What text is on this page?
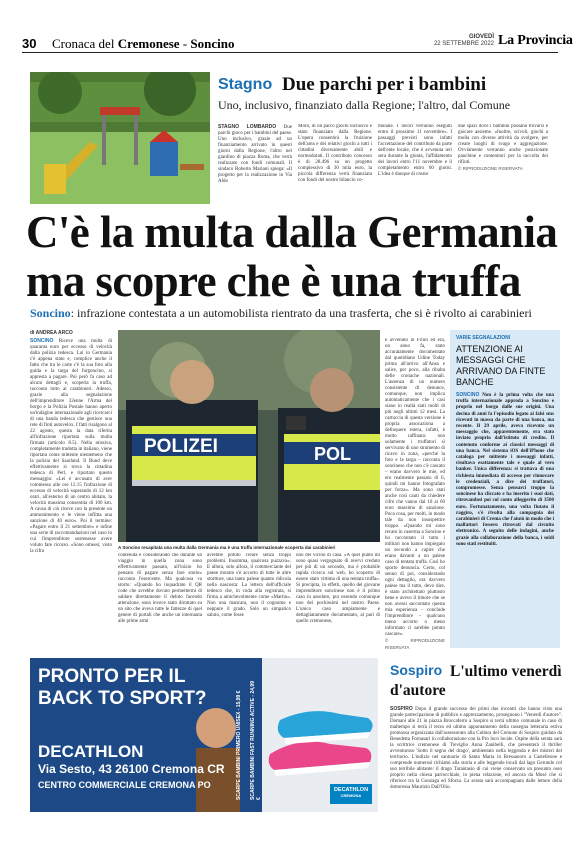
30 Cronaca del Cremonese - Soncino	GIOVEDÌ
22 SETTEMBRE 2022 La Provincia
Stagno Due parchi per i bambini
Uno, inclusivo, finanziato dalla Regione; l'altro, dal Comune
STAGNO LOMBARDO Due parchi gioco per i bambini del paese. Uno inclusivo, grazie ad un finanziamento arrivato in questi giorni dalla Regione, l'altro nel giardino di piazza Roma, che verrà realizzato con fondi comunali. Il sindaco Roberto Mariani spiega: «Il progetto per la realizzazione in Via Aldo
Moro, di un parco giochi inclusivo è stato finanziato dalla Regione. L'opera consentirà la fruizione dell'area e dei relativi giochi a tutti i cittadini diversamente abili e normodotati. Il contributo concesso è di 28.496 su un progetto complessivo di 30 mila euro, la piccola differenza verrà finanziata con fondi del nostro bilancio co-
munale. I lavori verranno eseguiti entro il prossimo 11 novembre». I passaggi previsti sono infatti l'accettazione del contributo da parte dell'ente locale, che è avvenuta ieri sera durante la giunta, l'affidamento dei lavori entro l'11 novembre e il completamento entro 60 giorni. L'idea è dunque di creare
due spazi dove i bambini possano trovarsi e giocare assieme. «Inoltre, scivoli, giochi a molla con diverse attività da svolgere, per creare luoghi di svago e aggregazione. Ovviamente verranno anche posizionate panchine e contenitori per la raccolta dei rifiuti.
© RIPRODUZIONE RISERVATA
C'è la multa dalla Germania
ma scopre che è una truffa
Soncino: infrazione contestata a un automobilista rientrato da una trasferta, che si è rivolto ai carabinieri
di ANDREA ARCO
SONCINO Riceve una multa di quaranta euro per eccesso di velocità dalla polizia tedesca. Lui in Germania c'è appena stato e, complice anche il fatto che tra le carte c'è la sua foto alla guida e la targa del furgoncino, si appresta a pagare. Poi però fa caso ad alcuni dettagli e, scoperta la truffa, racconta tutto ai carabinieri. Adesso, grazie alla segnalazione dell'imprenditore 32enne l'Arma del borgo e la Polizia Postale hanno aperto un'indagine internazionale agli ricercarci di una banda tedesca che gestisce una rete di finti autovelox. I fatti risalgono al 22 agosto, questa la data riferita all'infrazione riportata sulla multa firmata (articolo 8.5). Nella missiva, completamente tradotta in italiano, viene riportata come mittente nientemeno che la polizia del Saarland. Il Bund deve effettivamente si trova la cittadina tedesca di Perl, e riportato questo messaggio: «Lei è accusato di aver commesso alle ore 12.15 l'infrazione di eccesso di velocità superando di 12 km orari, all'esterno di un centro abitato, la velocità massima consentita di 100 km. A causa di ciò riceve con la presente un ammonimento e le viene inflitta una sanzione di 40 euro». Poi il termine: «Pagare entro il 21 settembre» e infine una serie di raccomandazioni nel caso in cui l'imprenditore sostenesse avere voluto fare ricorso. «Sono omessi, visto la cifra
POLIZEI	POL
A Soncino recapitata una multa dalla Germania ma è una truffa internazionale scoperta dai carabinieri
contenuta e considerando che durante un viaggio in quella zona sono effettivamente passato, all'inizio ho pensato di pagare senza fare storie» racconta l'esercente. Ma qualcosa va storto: «Quando ho inquadrato il QR code che avrebbe dovuto permettermi di saldare direttamente il debito facendo attenzione, sono invece stato dirottato su un sito che aveva tutte le fattezze di quel genere di portali che anche un internauta alle prime armi
avrebbe potuto creare senza troppi problemi. Insomma, qualcosa puzzava». E allora, solo allora, il commerciante del paese murato s'è accorto di tutte le altre stortture, una tanto palese quanto ridicola nella nascosta: La lettera dell'ufficiale tedesco che, in coda alla registrata, si firma a amichevolmente come «Martin». Non una mancata, non il cognome e neppure il grado. Solo un simpatico saluto, come fosse
uno dei vicino di casa. «A quel punto mi sono quasi vergognato di avervi creduto per più di un secondo, ma è probabile rapida ricerca sul web, ho scoperto di essere stato vittima di una tentata truffa». Si precipita, in effetti, quello del giovane imprenditore soncinese non è il primo caso in assoluto, pur essendo comunque uno dei pochissimi nel nostro Paese. L'unico caso ampiamente e dettagliatamente documentato, al pari di quello cremonese,
è avvenuto in Friuli ed era, un anno fa, stato accuratamente documentato dal quotidiano Udine Today prima all'arrivo all'Ansa e salire, per poco, alla ribalta delle cronache nazionali. L'assenza di un numero consistente di denunce, comunque, non implica automaticamente che i casi siano in realtà stati molti di più negli ultimi 12 mesi. La cartuccia di questa versione è propria assocaziona a delinquere estera, infatti, è molto raffinata: non solamente i truffatori sì servivano di uno strumento di ricavo in zona, «perché la foto e la targa – racconta il soncinese che non c'è cascato – erano davvero le mie, ed ero realmente passato di lì, quindi mi hanno fotografato per forza». Ma sono stati anche così cauti da chiedere cifre che vanno dal 10 ai 60 euro massimo di sanzione. Poca cosa, per molti, in modo tale da non insospettire troppo. «Quando mi sono recato in caserma a Soncino e ho raccontato il tutto i militari non hanno impiegato un secondo a capire che erano davanti a un palese caso di tentata truffa. Così ho sporto denuncia. Certo, col senno di poi, considerando ogni dettaglio, era davvero palese ma il tutto, devo dire, è stato architettato piuttosto bene e avevo il timore che se non avessi saccontato questa mia esperienza – conclude l'imprenditore – qualcuno meno accorto o meno informato ci sarebbe potuto cascare».
© RIPRODUZIONE RISERVATA
VARIE SEGNALAZIONI
ATTENZIONE AI MESSAGGI CHE ARRIVANO DA FINTE BANCHE
SONCINO Non è la prima volta che una truffa internazionale approda a Soncino e proprio nel borgo dalle sue origini. Una decina di anni fa l'episodio legato ai falsi sms ricevuti in massa da parte di una banca, ma recente. Il 29 aprile, aveva ricevuto un messaggio che, apparentemente, era stato inviato proprio dall'istituto di credito. Il contenuto conforme ai classici messaggi di una banca. Nel sistema iOS dell'iPhone che cataloga per mittente i messaggi infatti, risultava esattamente tale e quale al vero banker. Unica differenza: si trattava di una richiesta immediata di accesso per rinnovare le credenziali, a dire dei truffatori, compromesse. Senza pensarci troppo la soncinese ha cliccato e ha inserito i suoi dati, ritrovandosi poi col conto alleggerito di 3500 euro. Fortunatamente, una volta fiutato il raggiro, s'è rivolta alla compagnia dei carabinieri di Crema che l'aiutò in modo che i malfattori fossero ritrovati dal circuito elettronico. A seguito delle indagini, anche grazie alla collaborazione della banca, i soldi sono stati restituiti.
PRONTO PER IL
BACK TO SPORT?
DECATHLON
Via Sesto, 43 26100 Cremona CR
CENTRO COMMERCIALE CREMONA PO	SCARPE BAMBINI PRIMERO UNISEX - 15,99 €	SCARPE BAMBINI FAST RUNNING ACTIVE - 24,99 €
DECATHLON
CREMONA
L'ultimo venerdì d'autore
Sospiro
SOSPIRO Dopo il grande successo dei primi due incontri che hanno visto una grande partecipazione di pubblico e apprezzamento, proseguono i "Venerdì d'autore". Domani alle 21 in piazza Broccaferro a Sospiro si terrà ultimo comunale in caso di maltempo si terrà il terzo ed ultimo appuntamento della rassegna letteraria estiva promossa organizzata dall'assessorato alla Cultura del Comune di Sospiro guidata da Benedetta Fornasari in collaborazione con la Pro loco locale. Ospite della serata sarà la scrittrice cremonese di Treviglio Anna Zanibelli, che presenterà il thriller avventuroso 'Sotto il segno del drago', ambientato nella leggenda e dei misteri del territorio. L'indizio nel santuario di Santa Maria in Bressanoro a Castelleone e comprende numerosi richiami alla storia e alle leggende locali dal lago Gerundo col suo terribile abitante: il drago Tarantasio di cui viene conservato un presunto osso proprio nella chiesa parrocchiale, in piena relazione, ed ancora da Mosé che si riferisce tra la Gonzaga ed Sforza. La serata sarà accompagnata dalle letture della dottoressa Maurizio Dall'Olio.
